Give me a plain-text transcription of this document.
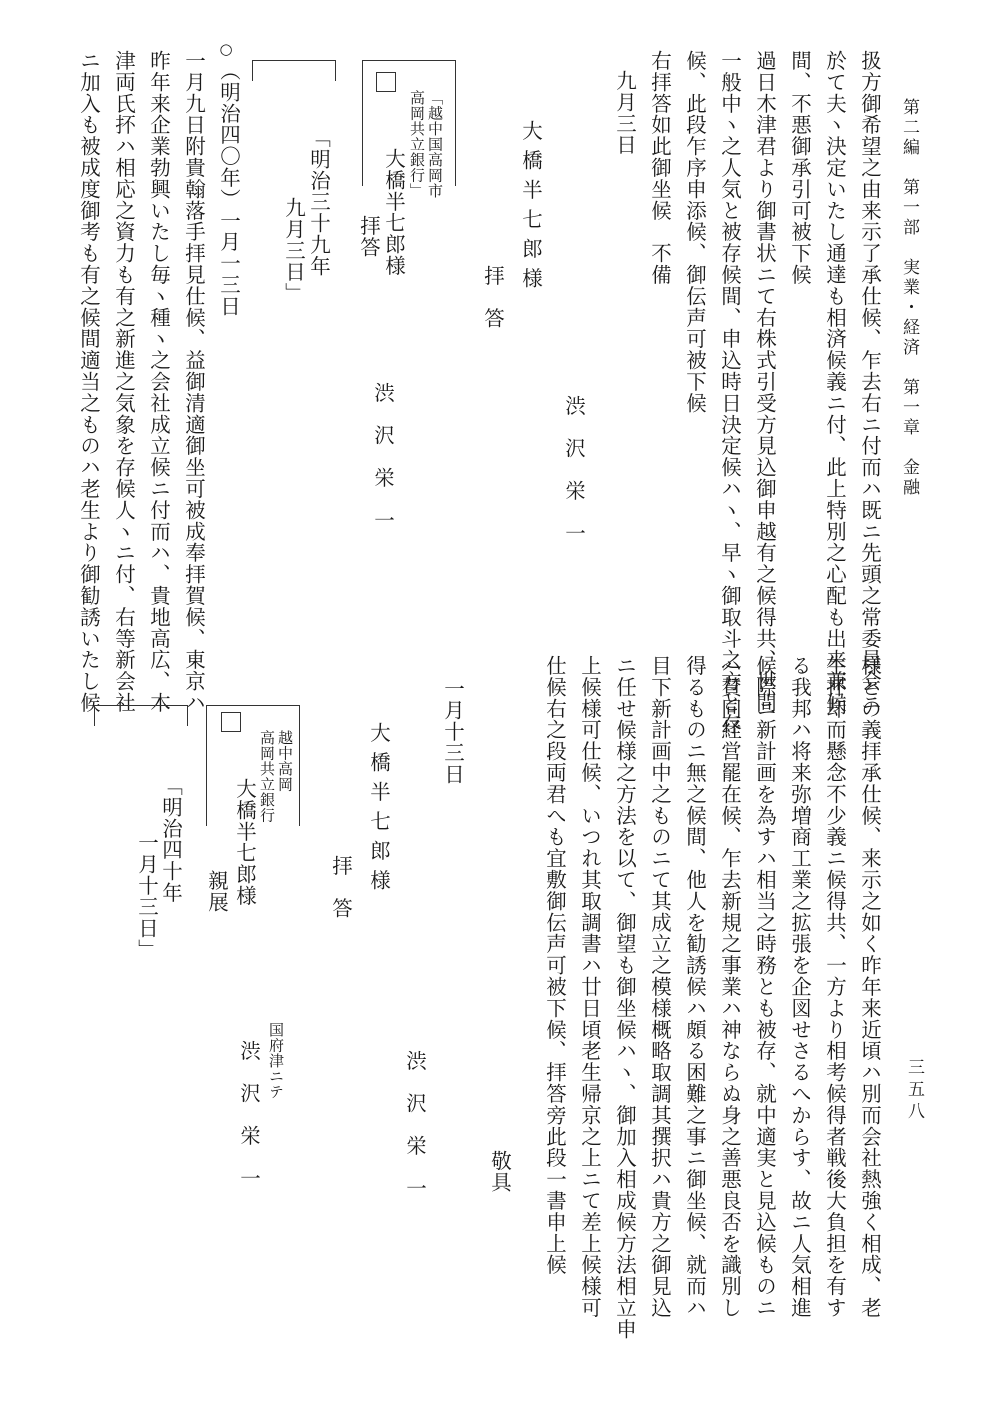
第二編　第一部　実業・経済　第一章　金融
三五八
扱方御希望之由来示了承仕候、乍去右ニ付而ハ既ニ先頭之常委員会ニ
於て夫ヽ決定いたし通達も相済候義ニ付、此上特別之心配も出来兼候
間、不悪御承引可被下候
過日木津君より御書状ニて右株式引受方見込御申越有之候得共、世間
一般中ヽ之人気と被存候間、申込時日決定候ハヽ、早ヽ御取斗之方と存
候、此段乍序申添候、御伝声可被下候
右拝答如此御坐候　不備
九月三日
渋沢栄一
大橋半七郎様
拝答
「越中国高岡市
高岡共立銀行」
大橋半七郎様
拝答
渋沢栄一
「明治三十九年
九月三日」
○
（明治四〇年）一月一三日
一月九日附貴翰落手拝見仕候、益御清適御坐可被成奉拝賀候、東京ハ
昨年来企業勃興いたし毎ヽ種ヽ之会社成立候ニ付而ハ、貴地高広、木
津両氏抔ハ相応之資力も有之新進之気象を存候人ヽニ付、右等新会社
ニ加入も被成度御考も有之候間適当之ものハ老生より御勧誘いたし候
様との義拝承仕候、来示之如く昨年来近頃ハ別而会社熱強く相成、老
生抔却而懸念不少義ニ候得共、一方より相考候得者戦後大負担を有す
る我邦ハ将来弥増商工業之拡張を企図せさるへからす、故ニ人気相進
候際ニ新計画を為すハ相当之時務とも被存、就中適実と見込候ものニ
ハ賛同経営罷在候、乍去新規之事業ハ神ならぬ身之善悪良否を識別し
得るものニ無之候間、他人を勧誘候ハ頗る困難之事ニ御坐候、就而ハ
目下新計画中之ものニて其成立之模様概略取調其撰択ハ貴方之御見込
ニ任せ候様之方法を以て、御望も御坐候ハヽ、御加入相成候方法相立申
上候様可仕候、いつれ其取調書ハ廿日頃老生帰京之上ニて差上候様可
仕候右之段両君へも宜敷御伝声可被下候、拝答旁此段一書申上候
敬具
一月十三日
渋沢栄一
大橋半七郎様
拝答
越中高岡
高岡共立銀行
大橋半七郎様
親展
国府津ニテ
渋沢栄一
「明治四十年
一月十三日」
